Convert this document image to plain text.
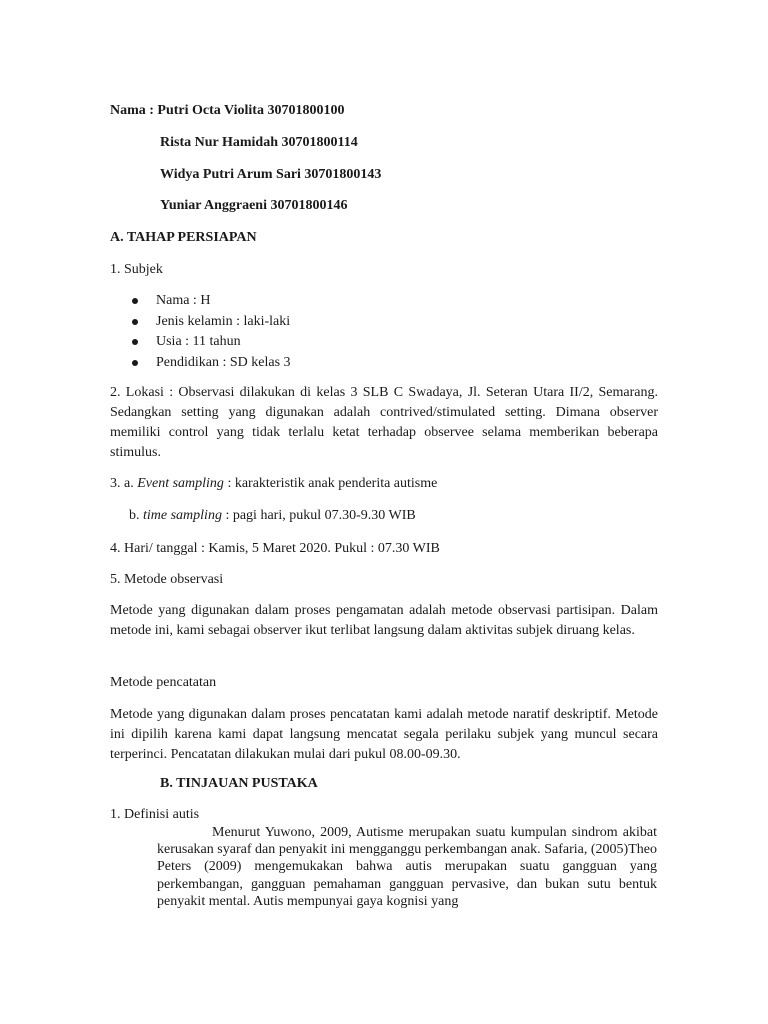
Nama : Putri Octa Violita 30701800100
Rista Nur Hamidah 30701800114
Widya Putri Arum Sari 30701800143
Yuniar Anggraeni 30701800146
A. TAHAP PERSIAPAN
1. Subjek
Nama : H
Jenis kelamin : laki-laki
Usia : 11 tahun
Pendidikan : SD kelas 3
2. Lokasi : Observasi dilakukan di kelas 3 SLB C Swadaya, Jl. Seteran Utara II/2, Semarang. Sedangkan setting yang digunakan adalah contrived/stimulated setting. Dimana observer memiliki control yang tidak terlalu ketat terhadap observee selama memberikan beberapa stimulus.
3. a. Event sampling : karakteristik anak penderita autisme
b. time sampling : pagi hari, pukul 07.30-9.30 WIB
4. Hari/ tanggal : Kamis, 5 Maret 2020. Pukul : 07.30 WIB
5. Metode observasi
Metode yang digunakan dalam proses pengamatan adalah metode observasi partisipan. Dalam metode ini, kami sebagai observer ikut terlibat langsung dalam aktivitas subjek diruang kelas.
Metode pencatatan
Metode yang digunakan dalam proses pencatatan kami adalah metode naratif deskriptif. Metode ini dipilih karena kami dapat langsung mencatat segala perilaku subjek yang muncul secara terperinci. Pencatatan dilakukan mulai dari pukul 08.00-09.30.
B. TINJAUAN PUSTAKA
1. Definisi autis
Menurut Yuwono, 2009, Autisme merupakan suatu kumpulan sindrom akibat kerusakan syaraf dan penyakit ini mengganggu perkembangan anak. Safaria, (2005)Theo Peters (2009) mengemukakan bahwa autis merupakan suatu gangguan yang perkembangan, gangguan pemahaman gangguan pervasive, dan bukan sutu bentuk penyakit mental. Autis mempunyai gaya kognisi yang
